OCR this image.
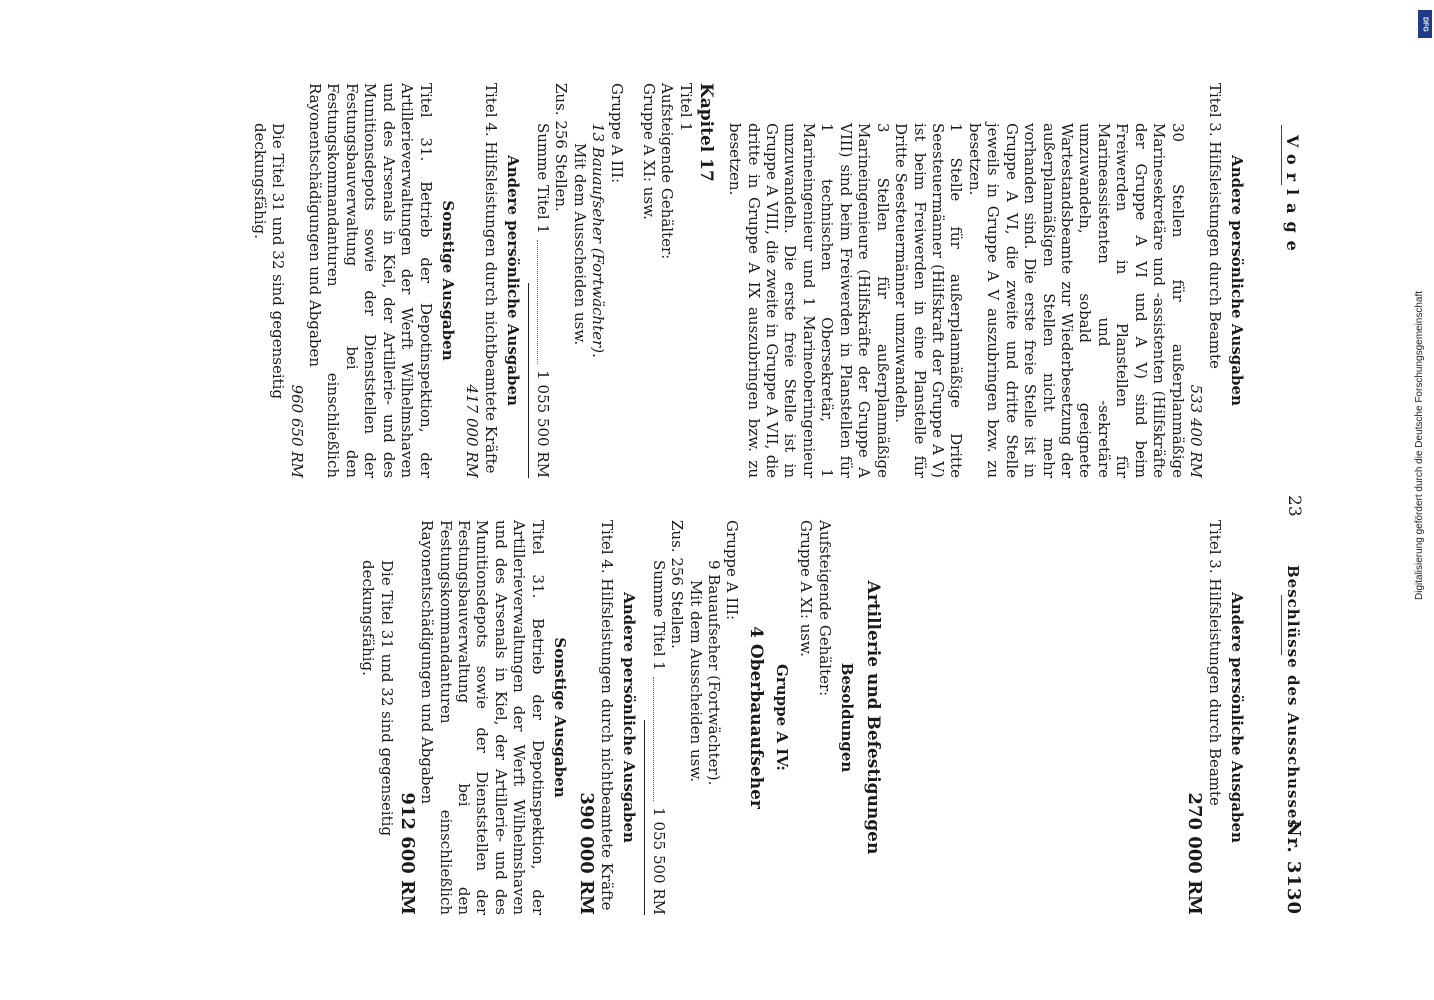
Vorlage
23
Beschlüsse des Ausschusses
Nr. 3130
Andere persönliche Ausgaben
Titel 3. Hilfsleistungen durch Beamte
533 400 RM
30 Stellen für außerplanmäßige Marinesekretäre und -assistenten (Hilfskräfte der Gruppe A VI und A V) sind beim Freiwerden in Planstellen für Marineassistenten und -sekretäre umzuwandeln, sobald geeignete Wartestandsbeamte zur Wiederbesetzung der außerplanmäßigen Stellen nicht mehr vorhanden sind. Die erste freie Stelle ist in Gruppe A VI, die zweite und dritte Stelle jeweils in Gruppe A V auszubringen bzw. zu besetzen.
1 Stelle für außerplanmäßige Dritte Seesteuermänner (Hilfskraft der Gruppe A V) ist beim Freiwerden in eine Planstelle für Dritte Seesteuermänner umzuwandeln.
3 Stellen für außerplanmäßige Marineingenieure (Hilfskräfte der Gruppe A VIII) sind beim Freiwerden in Planstellen für 1 technischen Obersekretär, 1 Marineingenieur und 1 Marineoberingenieur umzuwandeln. Die erste freie Stelle ist in Gruppe A VIII, die zweite in Gruppe A VII, die dritte in Gruppe A IX auszubringen bzw. zu besetzen.
Kapitel 17
Titel 1
Aufsteigende Gehälter:
Gruppe A XI: usw.
Gruppe A III:
13 Bauaufseher (Fortwächter).
Mit dem Ausscheiden usw.
Zus. 256 Stellen.
Summe Titel 1
1 055 500 RM
Andere persönliche Ausgaben
Titel 4. Hilfsleistungen durch nichtbeamtete Kräfte
417 000 RM
Sonstige Ausgaben
Titel 31. Betrieb der Depotinspektion, der Artillerieverwaltungen der Werft Wilhelmshaven und des Arsenals in Kiel, der Artillerie- und des Munitionsdepots sowie der Dienststellen der Festungsbauverwaltung bei den Festungskommandanturen einschließlich Rayonentschädigungen und Abgaben
960 650 RM
Die Titel 31 und 32 sind gegenseitig deckungsfähig.
Andere persönliche Ausgaben
Titel 3. Hilfsleistungen durch Beamte
270 000 RM
Artillerie und Befestigungen
Besoldungen
Aufsteigende Gehälter:
Gruppe A XI: usw.
Gruppe A IV:
4 Oberbauaufseher
Gruppe A III:
9 Bauaufseher (Fortwächter).
Mit dem Ausscheiden usw.
Zus. 256 Stellen.
Summe Titel 1
1 055 500 RM
Andere persönliche Ausgaben
Titel 4. Hilfsleistungen durch nichtbeamtete Kräfte
390 000 RM
Sonstige Ausgaben
Titel 31. Betrieb der Depotinspektion, der Artillerieverwaltungen der Werft Wilhelmshaven und des Arsenals in Kiel, der Artillerie- und des Munitionsdepots sowie der Dienststellen der Festungsbauverwaltung bei den Festungskommandanturen einschließlich Rayonentschädigungen und Abgaben
912 600 RM
Die Titel 31 und 32 sind gegenseitig deckungsfähig.
DFG
Digitalisierung gefördert durch die Deutsche Forschungsgemeinschaft
